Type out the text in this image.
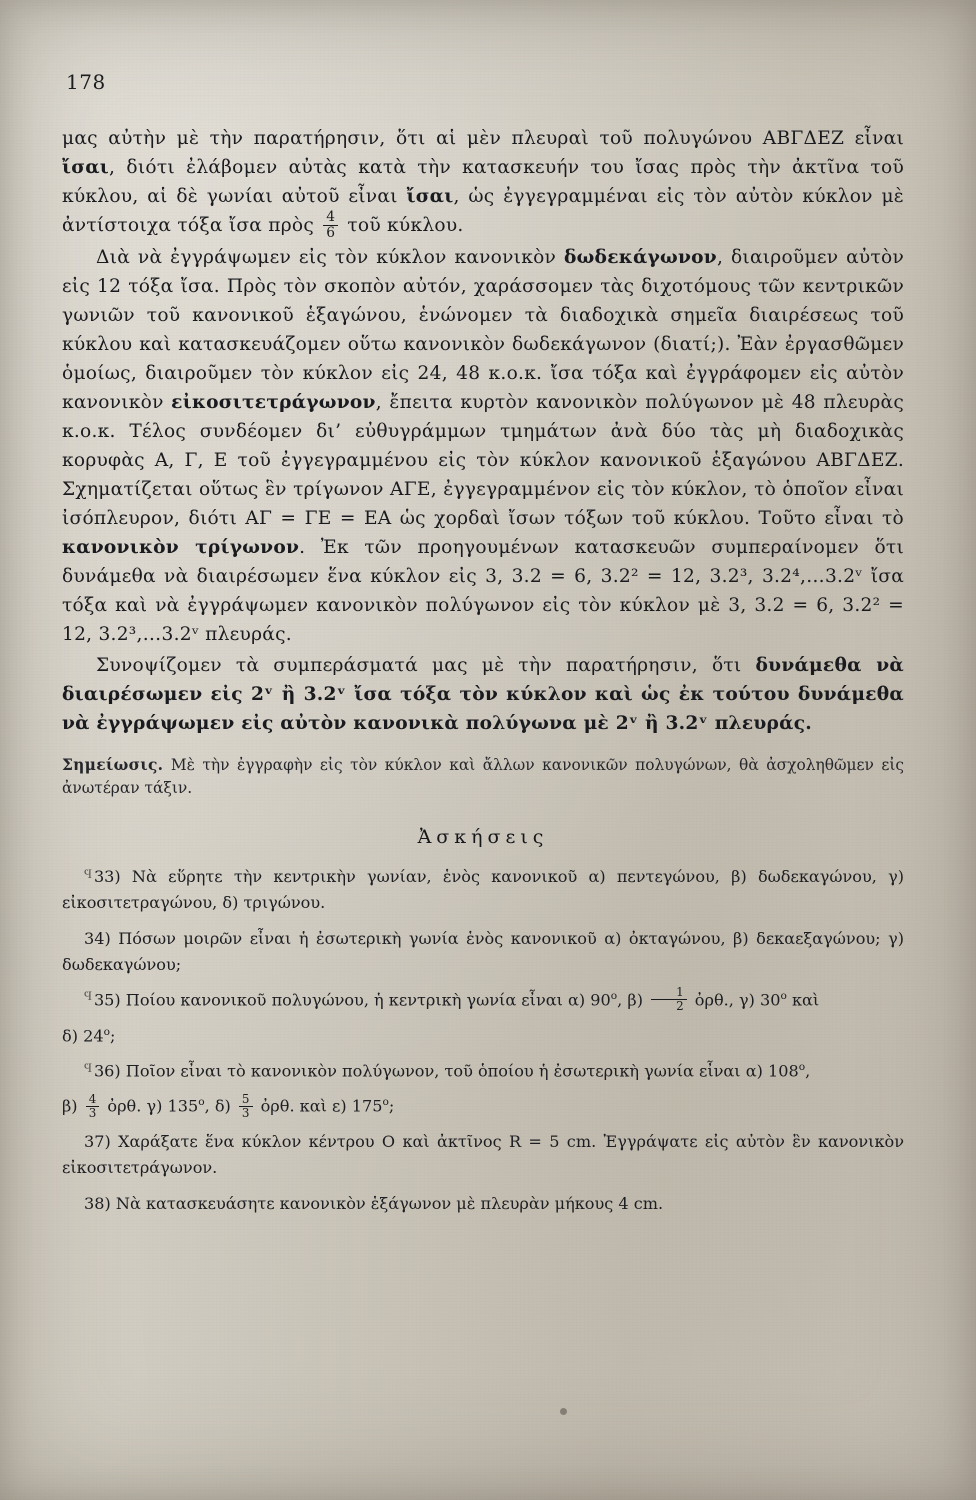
178

μας αὐτὴν μὲ τὴν παρατήρησιν, ὅτι αἱ μὲν πλευραὶ τοῦ πολυγώνου ΑΒΓΔΕΖ εἶναι ἴσαι, διότι ἐλάβομεν αὐτὰς κατὰ τὴν κατασκευήν του ἴσας πρὸς τὴν ἀκτῖνα τοῦ κύκλου, αἱ δὲ γωνίαι αὐτοῦ εἶναι ἴσαι, ὡς ἐγγεγραμμέναι εἰς τὸν αὐτὸν κύκλον μὲ ἀντίστοιχα τόξα ἴσα πρὸς $\frac{4}{6}$ τοῦ κύκλου.

Διὰ νὰ ἐγγράψωμεν εἰς τὸν κύκλον κανονικὸν δωδεκάγωνον, διαιροῦμεν αὐτὸν εἰς 12 τόξα ἴσα. Πρὸς τὸν σκοπὸν αὐτόν, χαράσσομεν τὰς διχοτόμους τῶν κεντρικῶν γωνιῶν τοῦ κανονικοῦ ἑξαγώνου, ἑνώνομεν τὰ διαδοχικὰ σημεῖα διαιρέσεως τοῦ κύκλου καὶ κατασκευάζομεν οὕτω κανονικὸν δωδεκάγωνον (διατί;). Ἐὰν ἐργασθῶμεν ὁμοίως, διαιροῦμεν τὸν κύκλον εἰς 24, 48 κ.ο.κ. ἴσα τόξα καὶ ἐγγράφομεν εἰς αὐτὸν κανονικὸν εἰκοσιτετράγωνον, ἔπειτα κυρτὸν κανονικὸν πολύγωνον μὲ 48 πλευρὰς κ.ο.κ. Τέλος συνδέομεν δι’ εὐθυγράμμων τμημάτων ἀνὰ δύο τὰς μὴ διαδοχικὰς κορυφὰς Α, Γ, Ε τοῦ ἐγγεγραμμένου εἰς τὸν κύκλον κανονικοῦ ἑξαγώνου ΑΒΓΔΕΖ. Σχηματίζεται οὕτως ἓν τρίγωνον ΑΓΕ, ἐγγεγραμμένον εἰς τὸν κύκλον, τὸ ὁποῖον εἶναι ἰσόπλευρον, διότι ΑΓ = ΓΕ = ΕΑ ὡς χορδαὶ ἴσων τόξων τοῦ κύκλου. Τοῦτο εἶναι τὸ κανονικὸν τρίγωνον. Ἐκ τῶν προηγουμένων κατασκευῶν συμπεραίνομεν ὅτι δυνάμεθα νὰ διαιρέσωμεν ἕνα κύκλον εἰς 3, 3.2 = 6, 3.2² = 12, 3.2³, 3.2⁴,…3.2ᵛ ἴσα τόξα καὶ νὰ ἐγγράψωμεν κανονικὸν πολύγωνον εἰς τὸν κύκλον μὲ 3, 3.2 = 6, 3.2² = 12, 3.2³,…3.2ᵛ πλευράς.

Συνοψίζομεν τὰ συμπεράσματά μας μὲ τὴν παρατήρησιν, ὅτι δυνάμεθα νὰ διαιρέσωμεν εἰς 2ᵛ ἢ 3.2ᵛ ἴσα τόξα τὸν κύκλον καὶ ὡς ἐκ τούτου δυνάμεθα νὰ ἐγγράψωμεν εἰς αὐτὸν κανονικὰ πολύγωνα μὲ 2ᵛ ἢ 3.2ᵛ πλευράς.

Σημείωσις. Μὲ τὴν ἐγγραφὴν εἰς τὸν κύκλον καὶ ἄλλων κανονικῶν πολυγώνων, θὰ ἀσχοληθῶμεν εἰς ἀνωτέραν τάξιν.
Ἀσκήσεις

$^Ϥ$ 33) Νὰ εὕρητε τὴν κεντρικὴν γωνίαν, ἑνὸς κανονικοῦ α) πεντεγώνου, β) δωδεκαγώνου, γ) εἰκοσιτετραγώνου, δ) τριγώνου.

34) Πόσων μοιρῶν εἶναι ἡ ἐσωτερικὴ γωνία ἑνὸς κανονικοῦ α) ὀκταγώνου, β) δεκαεξαγώνου; γ) δωδεκαγώνου;

$^Ϥ$ 35) Ποίου κανονικοῦ πολυγώνου, ἡ κεντρικὴ γωνία εἶναι α) $90^o$, $\beta) \frac{1}{2}$ ὀρθ., γ) $30^o$ καὶ

δ) $24^o$;

$^Ϥ$ 36) Ποῖον εἶναι τὸ κανονικὸν πολύγωνον, τοῦ ὁποίου ἡ ἐσωτερικὴ γωνία εἶναι α) $108^o$,

$\beta) \frac{4}{3}$ ὀρθ. γ) $135^o$, $\delta) \frac{5}{3}$ ὀρθ. καὶ ε) $175^o$;

37) Χαράξατε ἕνα κύκλον κέντρου Ο καὶ ἀκτῖνος R = 5 cm. Ἐγγράψατε εἰς αὐτὸν ἓν κανονικὸν εἰκοσιτετράγωνον.

38) Νὰ κατασκευάσητε κανονικὸν ἑξάγωνον μὲ πλευρὰν μήκους 4 cm.
